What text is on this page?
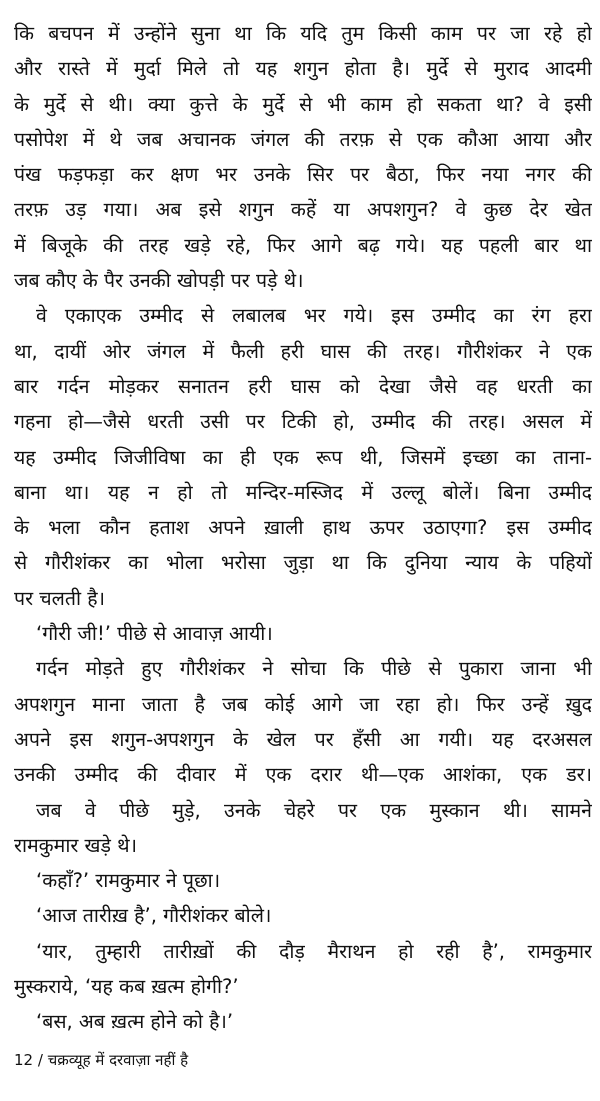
कि बचपन में उन्होंने सुना था कि यदि तुम किसी काम पर जा रहे हो
और रास्ते में मुर्दा मिले तो यह शगुन होता है। मुर्दे से मुराद आदमी
के मुर्दे से थी। क्या कुत्ते के मुर्दे से भी काम हो सकता था? वे इसी
पसोपेश में थे जब अचानक जंगल की तरफ़ से एक कौआ आया और
पंख फड़फड़ा कर क्षण भर उनके सिर पर बैठा, फिर नया नगर की
तरफ़ उड़ गया। अब इसे शगुन कहें या अपशगुन? वे कुछ देर खेत
में बिजूके की तरह खड़े रहे, फिर आगे बढ़ गये। यह पहली बार था
जब कौए के पैर उनकी खोपड़ी पर पड़े थे।
वे एकाएक उम्मीद से लबालब भर गये। इस उम्मीद का रंग हरा
था, दायीं ओर जंगल में फैली हरी घास की तरह। गौरीशंकर ने एक
बार गर्दन मोड़कर सनातन हरी घास को देखा जैसे वह धरती का
गहना हो—जैसे धरती उसी पर टिकी हो, उम्मीद की तरह। असल में
यह उम्मीद जिजीविषा का ही एक रूप थी, जिसमें इच्छा का ताना-
बाना था। यह न हो तो मन्दिर-मस्जिद में उल्लू बोलें। बिना उम्मीद
के भला कौन हताश अपने ख़ाली हाथ ऊपर उठाएगा? इस उम्मीद
से गौरीशंकर का भोला भरोसा जुड़ा था कि दुनिया न्याय के पहियों
पर चलती है।
‘गौरी जी!’ पीछे से आवाज़ आयी।
गर्दन मोड़ते हुए गौरीशंकर ने सोचा कि पीछे से पुकारा जाना भी
अपशगुन माना जाता है जब कोई आगे जा रहा हो। फिर उन्हें ख़ुद
अपने इस शगुन-अपशगुन के खेल पर हँसी आ गयी। यह दरअसल
उनकी उम्मीद की दीवार में एक दरार थी—एक आशंका, एक डर।
जब वे पीछे मुड़े, उनके चेहरे पर एक मुस्कान थी। सामने
रामकुमार खड़े थे।
‘कहाँ?’ रामकुमार ने पूछा।
‘आज तारीख़ है’, गौरीशंकर बोले।
‘यार, तुम्हारी तारीख़ों की दौड़ मैराथन हो रही है’, रामकुमार
मुस्कराये, ‘यह कब ख़त्म होगी?’
‘बस, अब ख़त्म होने को है।’
12 / चक्रव्यूह में दरवाज़ा नहीं है
